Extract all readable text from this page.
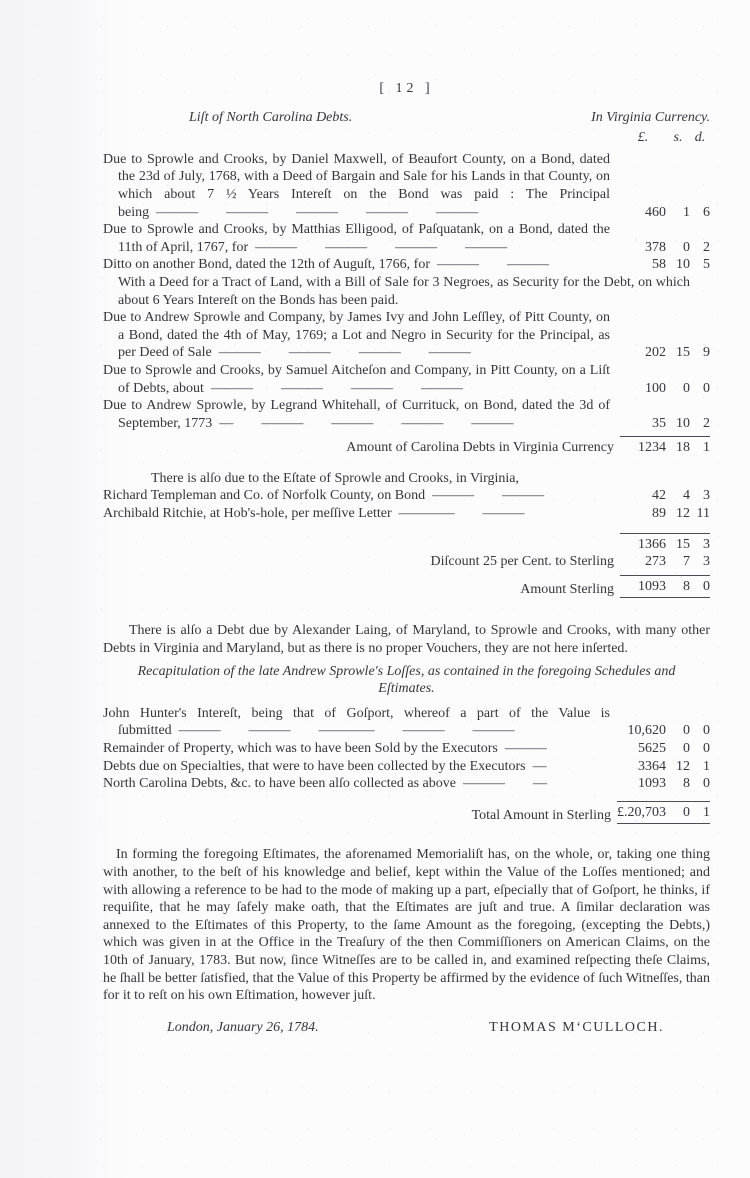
[ 12 ]
Liſt of North Carolina Debts.	In Virginia Currency.
£.	s. d.
Due to Sprowle and Crooks, by Daniel Maxwell, of Beaufort County, on a Bond, dated the 23d of July, 1768, with a Deed of Bargain and Sale for his Lands in that County, on which about 7 ½ Years Intereſt on the Bond was paid : The Principal being ———  ———  ———  ———  ———	460	1 6
Due to Sprowle and Crooks, by Matthias Elligood, of Paſquatank, on a Bond, dated the 11th of April, 1767, for ———  ———  ———  ———	378	0 2
Ditto on another Bond, dated the 12th of Auguſt, 1766, for ———  ———	58 10 5
With a Deed for a Tract of Land, with a Bill of Sale for 3 Negroes, as Security for the Debt, on which about 6 Years Intereſt on the Bonds has been paid.
Due to Andrew Sprowle and Company, by James Ivy and John Leſſley, of Pitt County, on a Bond, dated the 4th of May, 1769; a Lot and Negro in Security for the Principal, as per Deed of Sale ———  ———  ———  ———	202 15 9
Due to Sprowle and Crooks, by Samuel Aitcheſon and Company, in Pitt County, on a Liſt of Debts, about ———  ———  ———  ———	100	0 0
Due to Andrew Sprowle, by Legrand Whitehall, of Currituck, on Bond, dated the 3d of September, 1773 —  ———  ———  ———  ———	35 10 2
Amount of Carolina Debts in Virginia Currency	1234 18 1
There is alſo due to the Eſtate of Sprowle and Crooks, in Virginia,
Richard Templeman and Co. of Norfolk County, on Bond ———  ———	42	4 3
Archibald Ritchie, at Hob's-hole, per meſſive Letter ————  ———	89 12 11
1366 15 3
Diſcount 25 per Cent. to Sterling	273	7 3
Amount Sterling	1093	8 0
There is alſo a Debt due by Alexander Laing, of Maryland, to Sprowle and Crooks, with many other Debts in Virginia and Maryland, but as there is no proper Vouchers, they are not here inſerted.
Recapitulation of the late Andrew Sprowle's Loſſes, as contained in the foregoing Schedules and Eſtimates.
John Hunter's Intereſt, being that of Goſport, whereof a part of the Value is ſubmitted ———  ———  ————  ———  ———	10,620	0 0
Remainder of Property, which was to have been Sold by the Executors ———	5625	0 0
Debts due on Specialties, that were to have been collected by the Executors —	3364 12 1
North Carolina Debts, &c. to have been alſo collected as above ———  —	1093	8 0
Total Amount in Sterling £.20,703	0 1
In forming the foregoing Eſtimates, the aforenamed Memorialiſt has, on the whole, or, taking one thing with another, to the beſt of his knowledge and belief, kept within the Value of the Loſſes mentioned; and with allowing a reference to be had to the mode of making up a part, eſpecially that of Goſport, he thinks, if requiſite, that he may ſafely make oath, that the Eſtimates are juſt and true. A ſimilar declaration was annexed to the Eſtimates of this Property, to the ſame Amount as the foregoing, (excepting the Debts,) which was given in at the Office in the Treaſury of the then Commiſſioners on American Claims, on the 10th of January, 1783. But now, ſince Witneſſes are to be called in, and examined reſpecting theſe Claims, he ſhall be better ſatisfied, that the Value of this Property be affirmed by the evidence of ſuch Witneſſes, than for it to reſt on his own Eſtimation, however juſt.
London, January 26, 1784.	THOMAS M‘CULLOCH.
